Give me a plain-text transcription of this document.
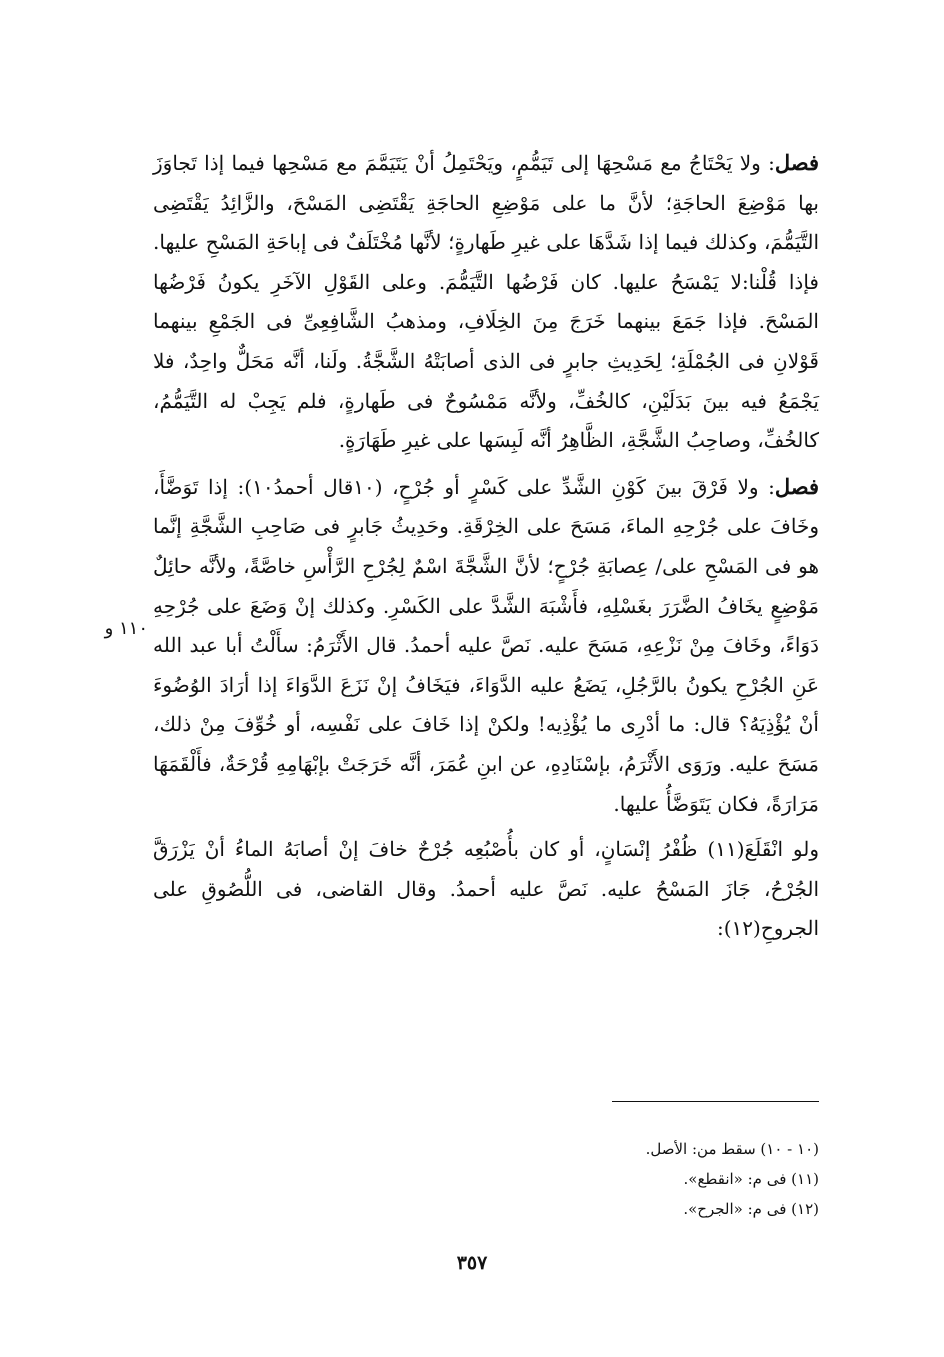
فصل: ولا يَحْتَاجُ مع مَسْحِهَا إلى تَيَمُّمٍ، ويَحْتَمِلُ أنْ يَتَيَمَّمَ مع مَسْحِها فيما إذا تَجاوَزَ بها مَوْضِعَ الحاجَةِ؛ لأنَّ ما على مَوْضِعِ الحاجَةِ يَقْتَضِى المَسْحَ، والزَّائِدُ يَقْتَضِى التَّيَمُّمَ، وكذلك فيما إذا شَدَّهَا على غيرِ طَهارةٍ؛ لأنَّها مُخْتَلَفٌ فى إباحَةِ المَسْحِ عليها. فإذا قُلْنا:لا يَمْسَحُ عليها. كان فَرْضُها التَّيَمُّمَ. وعلى القَوْلِ الآخَرِ يكونُ فَرْضُها المَسْحَ. فإذا جَمَعَ بينهما خَرَجَ مِنَ الخِلَافِ، ومذهبُ الشَّافِعِىِّ فى الجَمْعِ بينهما قَوْلانِ فى الجُمْلَةِ؛ لِحَدِيثِ جابرٍ فى الذى أصابَتْهُ الشَّجَّةُ. ولَنا، أنَّه مَحَلٌّ واحِدٌ، فلا يَجْمَعُ فيه بينَ بَدَلَيْنِ، كالخُفِّ، ولأنَّه مَمْسُوحٌ فى طَهارةٍ، فلم يَجِبْ له التَّيَمُّمُ، كالخُفِّ، وصاحِبُ الشَّجَّةِ، الظَّاهِرُ أنَّه لَبِسَها على غيرِ طَهَارَةٍ.

فصل: ولا فَرْقَ بينَ كَوْنِ الشَّدِّ على كَسْرٍ أو جُرْحٍ، (١٠قال أحمدُ١٠): إذا تَوَضَّأَ، وخَافَ على جُرْحِهِ الماءَ، مَسَحَ على الخِرْقَةِ. وحَدِيثُ جَابرٍ فى صَاحِبِ الشَّجَّةِ إنَّما هو فى المَسْحِ على/ عِصابَةِ جُرْحٍ؛ لأنَّ الشَّجَّةَ اسْمٌ لِجُرْحِ الرَّأْسِ خاصَّةً، ولأنَّه حائِلٌ مَوْضِعٍ يخَافُ الضَّرَرَ بغَسْلِهِ، فأَشْبَهَ الشَّدَّ على الكَسْرِ. وكذلك إنْ وَضَعَ على جُرْحِهِ دَوَاءً، وخَافَ مِنْ نَزْعِهِ، مَسَحَ عليه. نَصَّ عليه أحمدُ. قال الأَثْرَمُ: سأَلْتُ أبا عبد الله عَنِ الجُرْحِ يكونُ بالرَّجُلِ، يَضَعُ عليه الدَّوَاءَ، فيَخَافُ إنْ نَزَعَ الدَّوَاءَ إذا أرَادَ الوُضُوءَ أنْ يُؤْذِيَهُ؟ قال: ما أدْرِى ما يُؤْذِيه! ولكنْ إذا خَافَ على نَفْسِه، أو خُوِّفَ مِنْ ذلك، مَسَحَ عليه. ورَوَى الأَثْرَمُ، بإسْنَادِهِ، عن ابنِ عُمَرَ، أنَّه خَرَجَتْ بإبْهَامِهِ قُرْحَةٌ، فأَلْقَمَهَا مَرَارَةً، فكان يَتَوَضَّأُ عليها.

ولو انْقَلَعَ(١١) ظُفْرُ إنْسَانٍ، أو كان بأُصْبُعِه جُرْحٌ خافَ إنْ أصابَهُ الماءُ أنْ يَزْرَقَّ الجُرْحُ، جَازَ المَسْحُ عليه. نَصَّ عليه أحمدُ. وقال القاضى، فى اللُّصُوقِ على الجروحِ(١٢):

١١٠ و

(١٠ - ١٠) سقط من: الأصل.

(١١) فى م: «انقطع».

(١٢) فى م: «الجرح».

٣٥٧
